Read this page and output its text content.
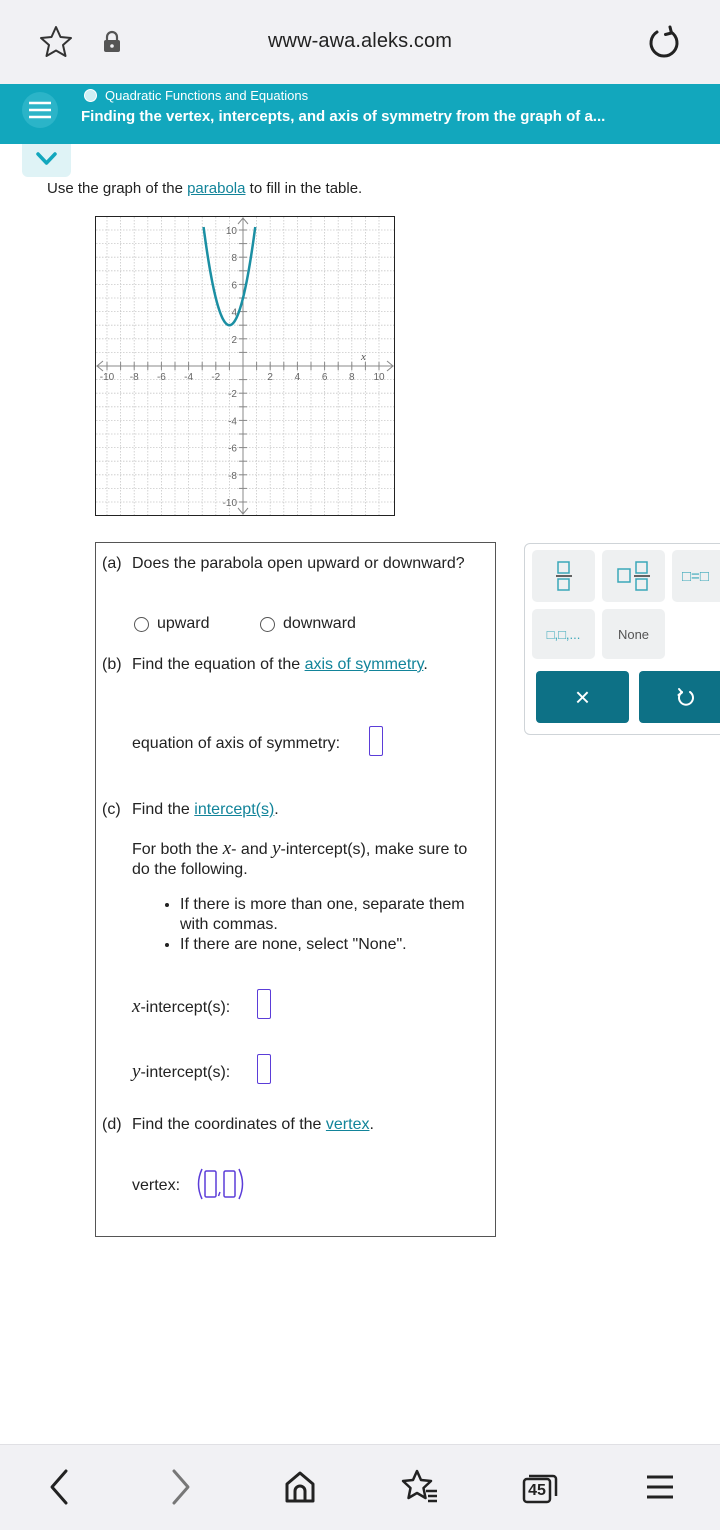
www-awa.aleks.com
Quadratic Functions and Equations
Finding the vertex, intercepts, and axis of symmetry from the graph of a...
Use the graph of the parabola to fill in the table.
-10 -8 -6 -4 -2	2 4 6 8 10
10
8
6
4
2
-2
-4
-6
-8
-10
x
(a) Does the parabola open upward or downward?
upward	downward
(b) Find the equation of the axis of symmetry.
equation of axis of symmetry:
(c) Find the intercept(s).
For both the x- and y-intercept(s), make sure to do the following.
• If there is more than one, separate them with commas.
• If there are none, select "None".
x-intercept(s):
y-intercept(s):
(d) Find the coordinates of the vertex.
vertex:
□=□
□,□,...	None
×
45
